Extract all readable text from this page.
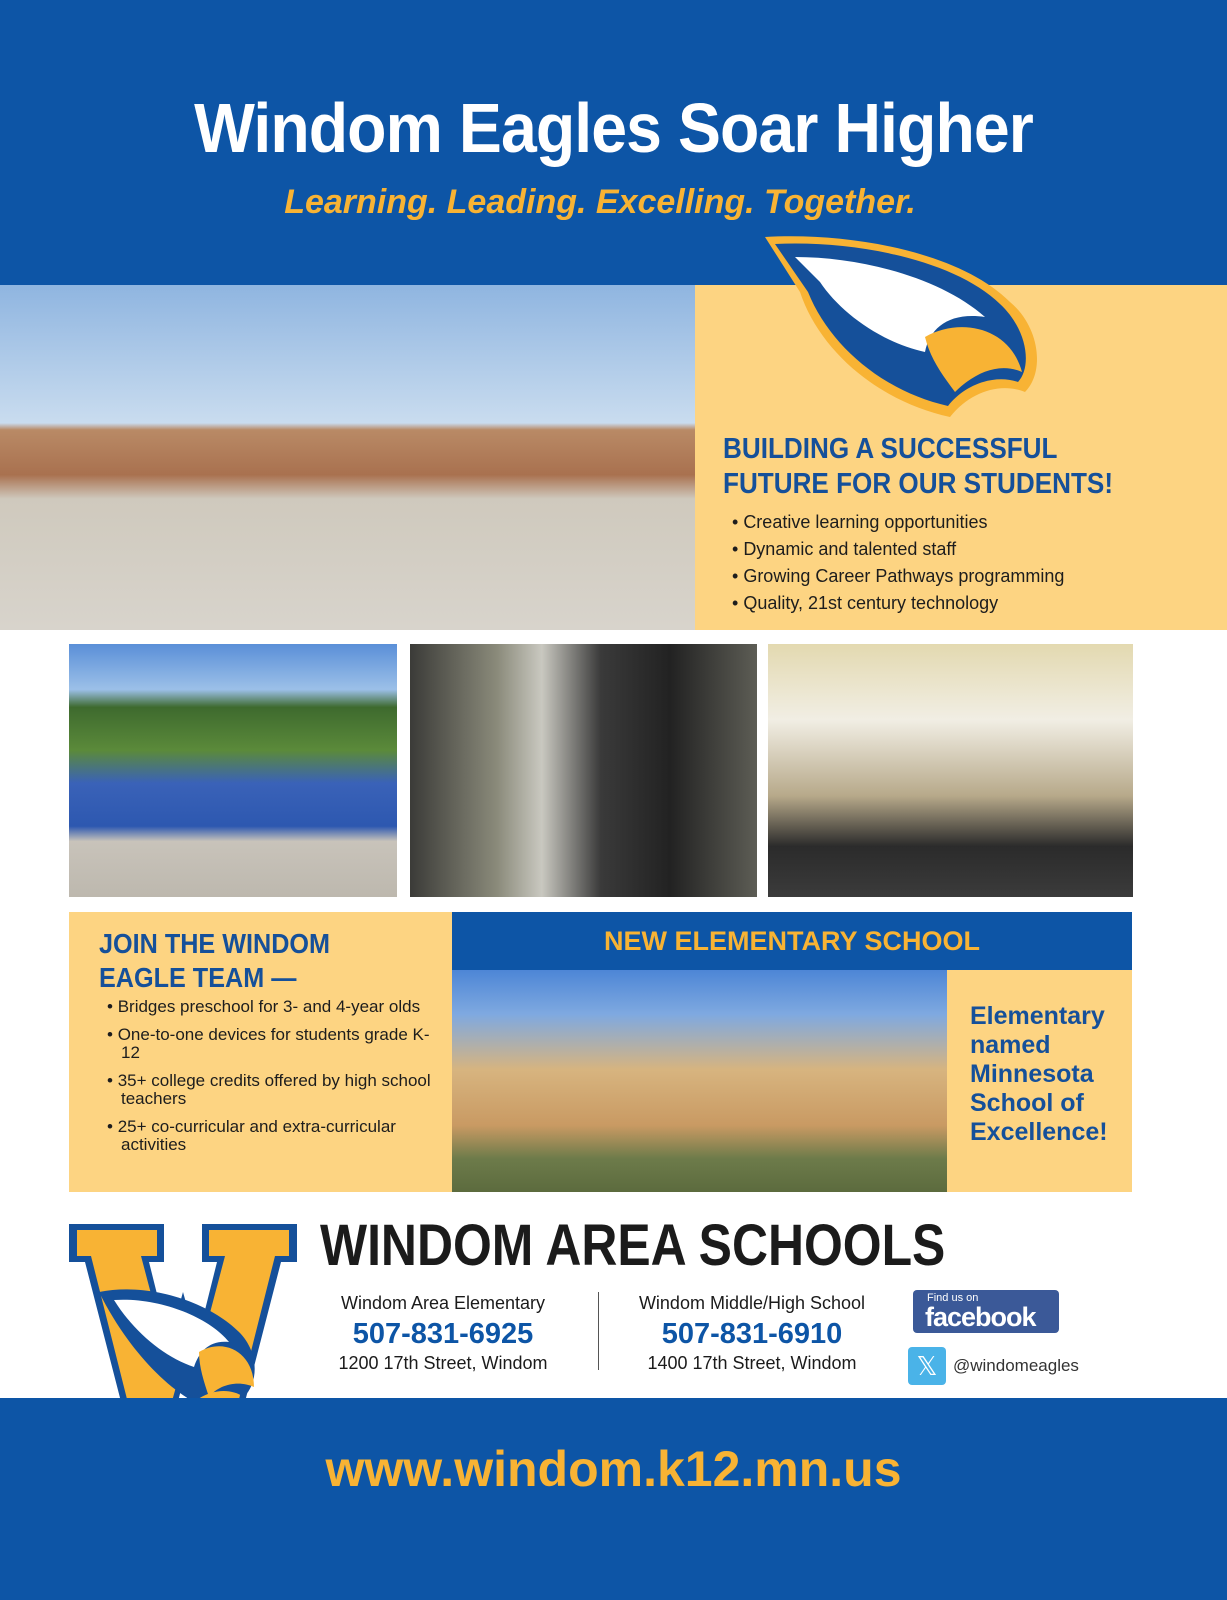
Windom Eagles Soar Higher
Learning. Leading. Excelling. Together.
BUILDING A SUCCESSFUL
FUTURE FOR OUR STUDENTS!
• Creative learning opportunities
• Dynamic and talented staff
• Growing Career Pathways programming
• Quality, 21st century technology
JOIN THE WINDOM
EAGLE TEAM —
• Bridges preschool for 3- and 4-year olds
• One-to-one devices for students grade K-12
• 35+ college credits offered by high school teachers
• 25+ co-curricular and extra-curricular activities
NEW ELEMENTARY SCHOOL
Elementary
named
Minnesota
School of
Excellence!
WINDOM AREA SCHOOLS
Windom Area Elementary
507-831-6925
1200 17th Street, Windom
Windom Middle/High School
507-831-6910
1400 17th Street, Windom
Find us on
facebook
𝕏 @windomeagles
www.windom.k12.mn.us
